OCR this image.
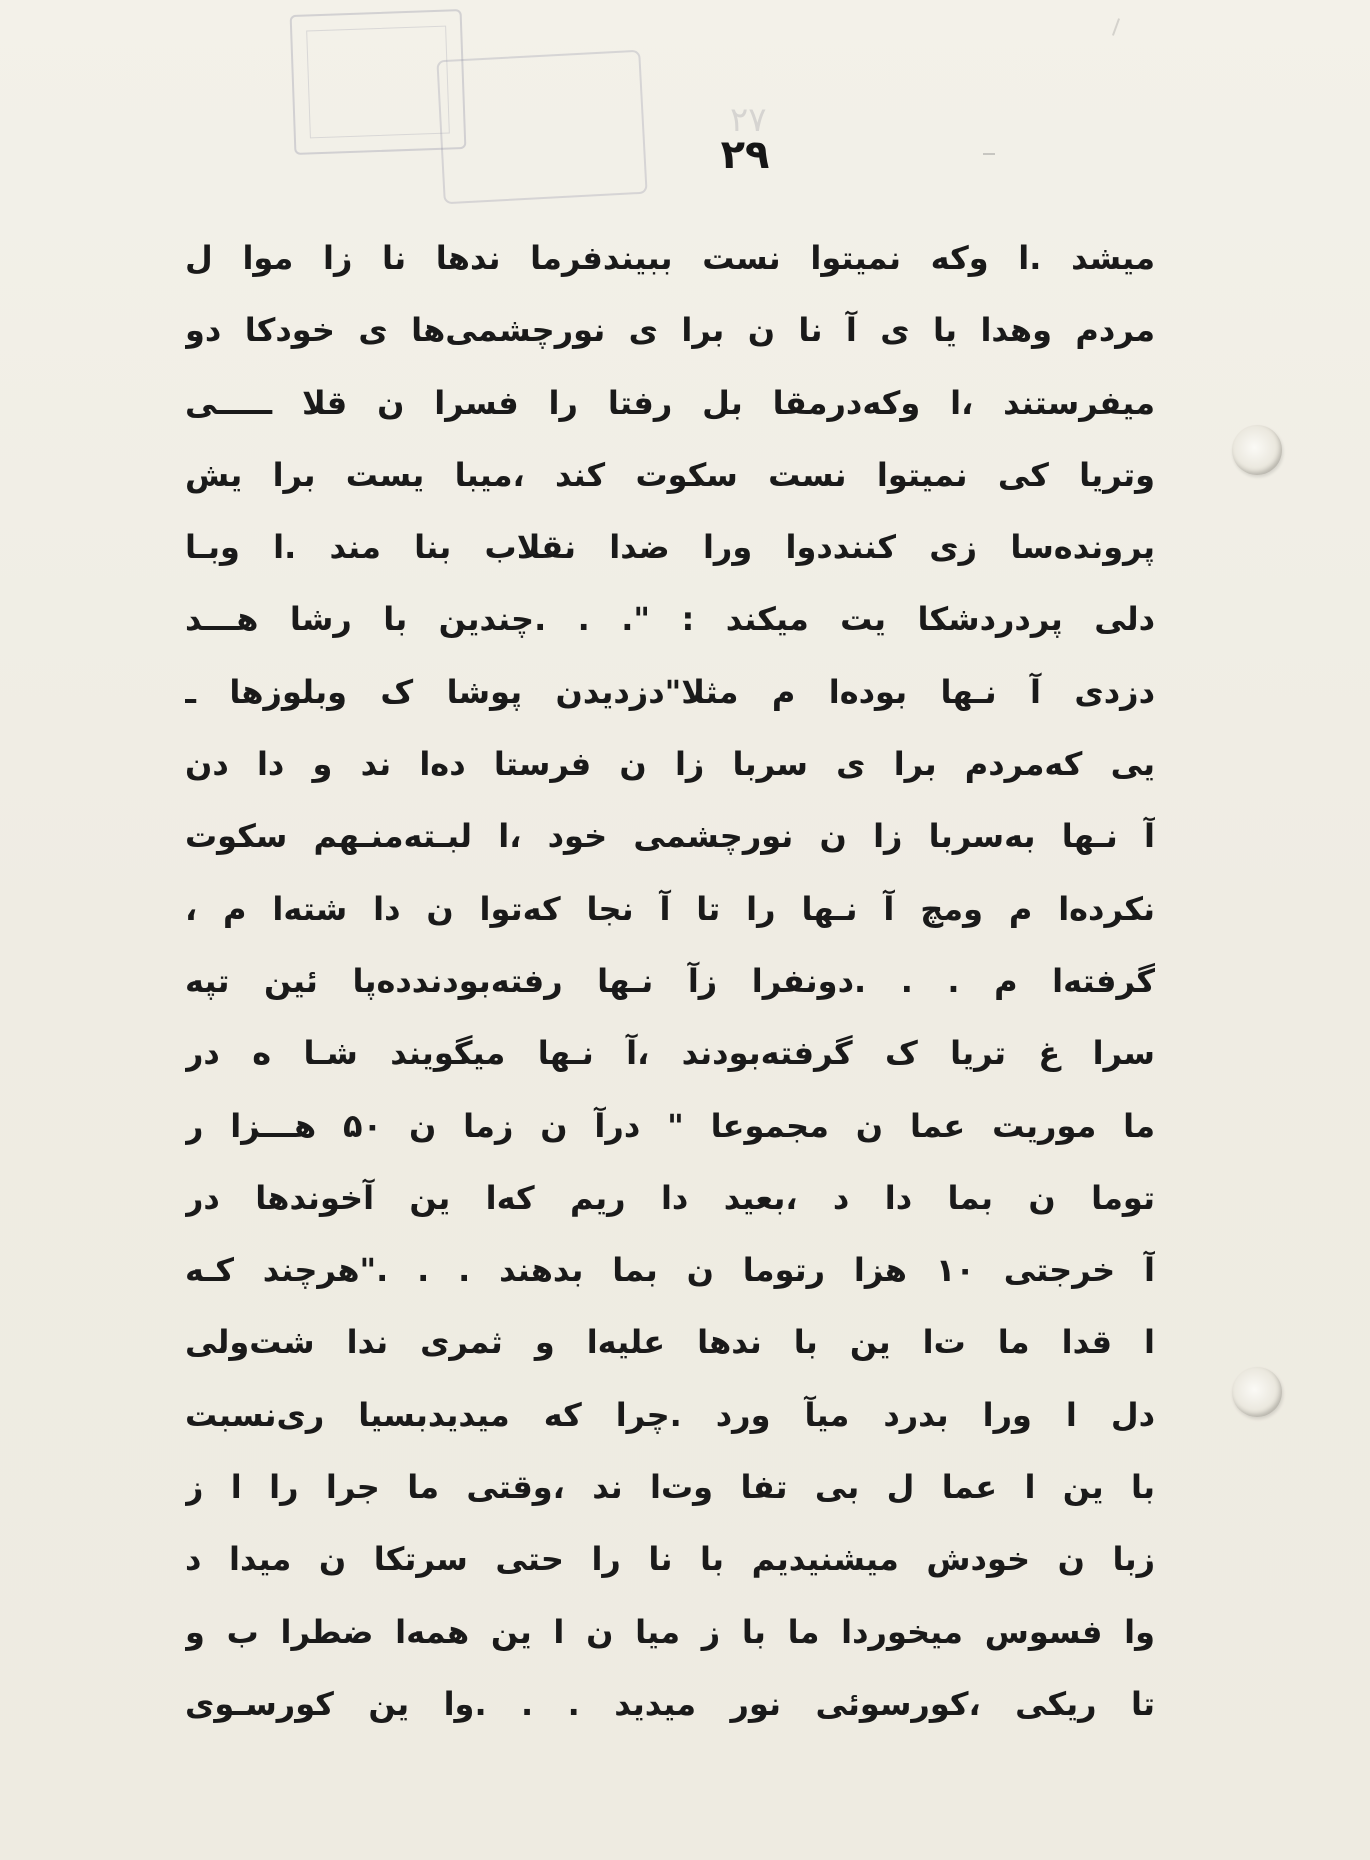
۲۷
۲۹
میشد .ا وکه نمیتوا نست ببیندفرما ندها نا زا موا ل
مردم وهدا یا ی آ نا ن برا ی نورچشمی‌ها ی خودکا دو
میفرستند ،ا وکه‌درمقا بل رفتا را فسرا ن قلا ـــــی
وتریا کی نمیتوا نست سکوت کند ،میبا یست برا یش
پرونده‌سا زی کننددوا ورا ضدا نقلاب بنا مند .ا وبـا
دلی پردردشکا یت میکند : ". . .چندین با رشا هـــد
دزدی آ نـها بوده‌ا م مثلا"دزدیدن پوشا ک وبلوزها ـ
یی که‌مردم برا ی سربا زا ن فرستا ده‌ا ند و دا دن
آ نـها به‌سربا زا ن نورچشمی خود ،ا لبـته‌منـهم سکوت
نکرده‌ا م ومچ آ نـها را تا آ نجا که‌توا ن دا شته‌ا م ،
گرفته‌ا م . . .دونفرا زآ نـها رفته‌بودندده‌پا ئین تپه
سرا غ تریا ک گرفته‌بودند ،آ نـها میگویند شـا ه در
ما موریت عما ن مجموعا " درآ ن زما ن ۵۰ هـــزا ر
توما ن بما دا د ،بعید دا ریم که‌ا ین آخوندها در
آ خرجتی ۱۰ هزا رتوما ن بما بدهند . . ."هرچند کـه
ا قدا ما ت‌ا ین با ندها علیه‌ا و ثمری ندا شت‌ولی
دل ا ورا بدرد میآ ورد .چرا که میدیدبسیا ری‌نسبت
با ین ا عما ل بی تفا وت‌ا ند ،وقتی ما جرا را ا ز
زبا ن خودش میشنیدیم با نا را حتی سرتکا ن میدا د
وا فسوس میخوردا ما با ز میا ن ا ین همه‌ا ضطرا ب و
تا ریکی ،کورسوئی نور میدید . . .وا ین کورسـوی
